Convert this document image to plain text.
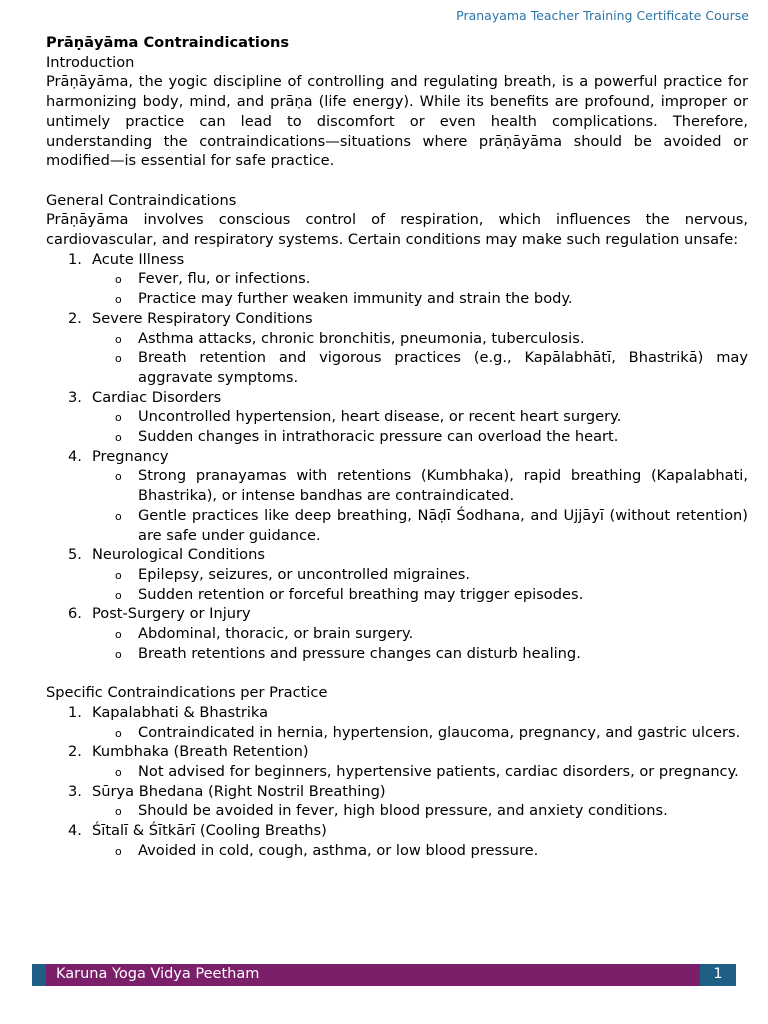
Pranayama Teacher Training Certificate Course

Prāṇāyāma Contraindications

Introduction

Prāṇāyāma, the yogic discipline of controlling and regulating breath, is a powerful practice for harmonizing body, mind, and prāṇa (life energy). While its benefits are profound, improper or untimely practice can lead to discomfort or even health complications. Therefore, understanding the contraindications—situations where prāṇāyāma should be avoided or modified—is essential for safe practice.

General Contraindications

Prāṇāyāma involves conscious control of respiration, which influences the nervous, cardiovascular, and respiratory systems. Certain conditions may make such regulation unsafe:

1. Acute Illness
o Fever, flu, or infections.
o Practice may further weaken immunity and strain the body.
2. Severe Respiratory Conditions
o Asthma attacks, chronic bronchitis, pneumonia, tuberculosis.
o Breath retention and vigorous practices (e.g., Kapālabhātī, Bhastrikā) may aggravate symptoms.
3. Cardiac Disorders
o Uncontrolled hypertension, heart disease, or recent heart surgery.
o Sudden changes in intrathoracic pressure can overload the heart.
4. Pregnancy
o Strong pranayamas with retentions (Kumbhaka), rapid breathing (Kapalabhati, Bhastrika), or intense bandhas are contraindicated.
o Gentle practices like deep breathing, Nāḍī Śodhana, and Ujjāyī (without retention) are safe under guidance.
5. Neurological Conditions
o Epilepsy, seizures, or uncontrolled migraines.
o Sudden retention or forceful breathing may trigger episodes.
6. Post-Surgery or Injury
o Abdominal, thoracic, or brain surgery.
o Breath retentions and pressure changes can disturb healing.

Specific Contraindications per Practice

1. Kapalabhati & Bhastrika
o Contraindicated in hernia, hypertension, glaucoma, pregnancy, and gastric ulcers.
2. Kumbhaka (Breath Retention)
o Not advised for beginners, hypertensive patients, cardiac disorders, or pregnancy.
3. Sūrya Bhedana (Right Nostril Breathing)
o Should be avoided in fever, high blood pressure, and anxiety conditions.
4. Śītalī & Śītkārī (Cooling Breaths)
o Avoided in cold, cough, asthma, or low blood pressure.
Karuna Yoga Vidya Peetham	1
